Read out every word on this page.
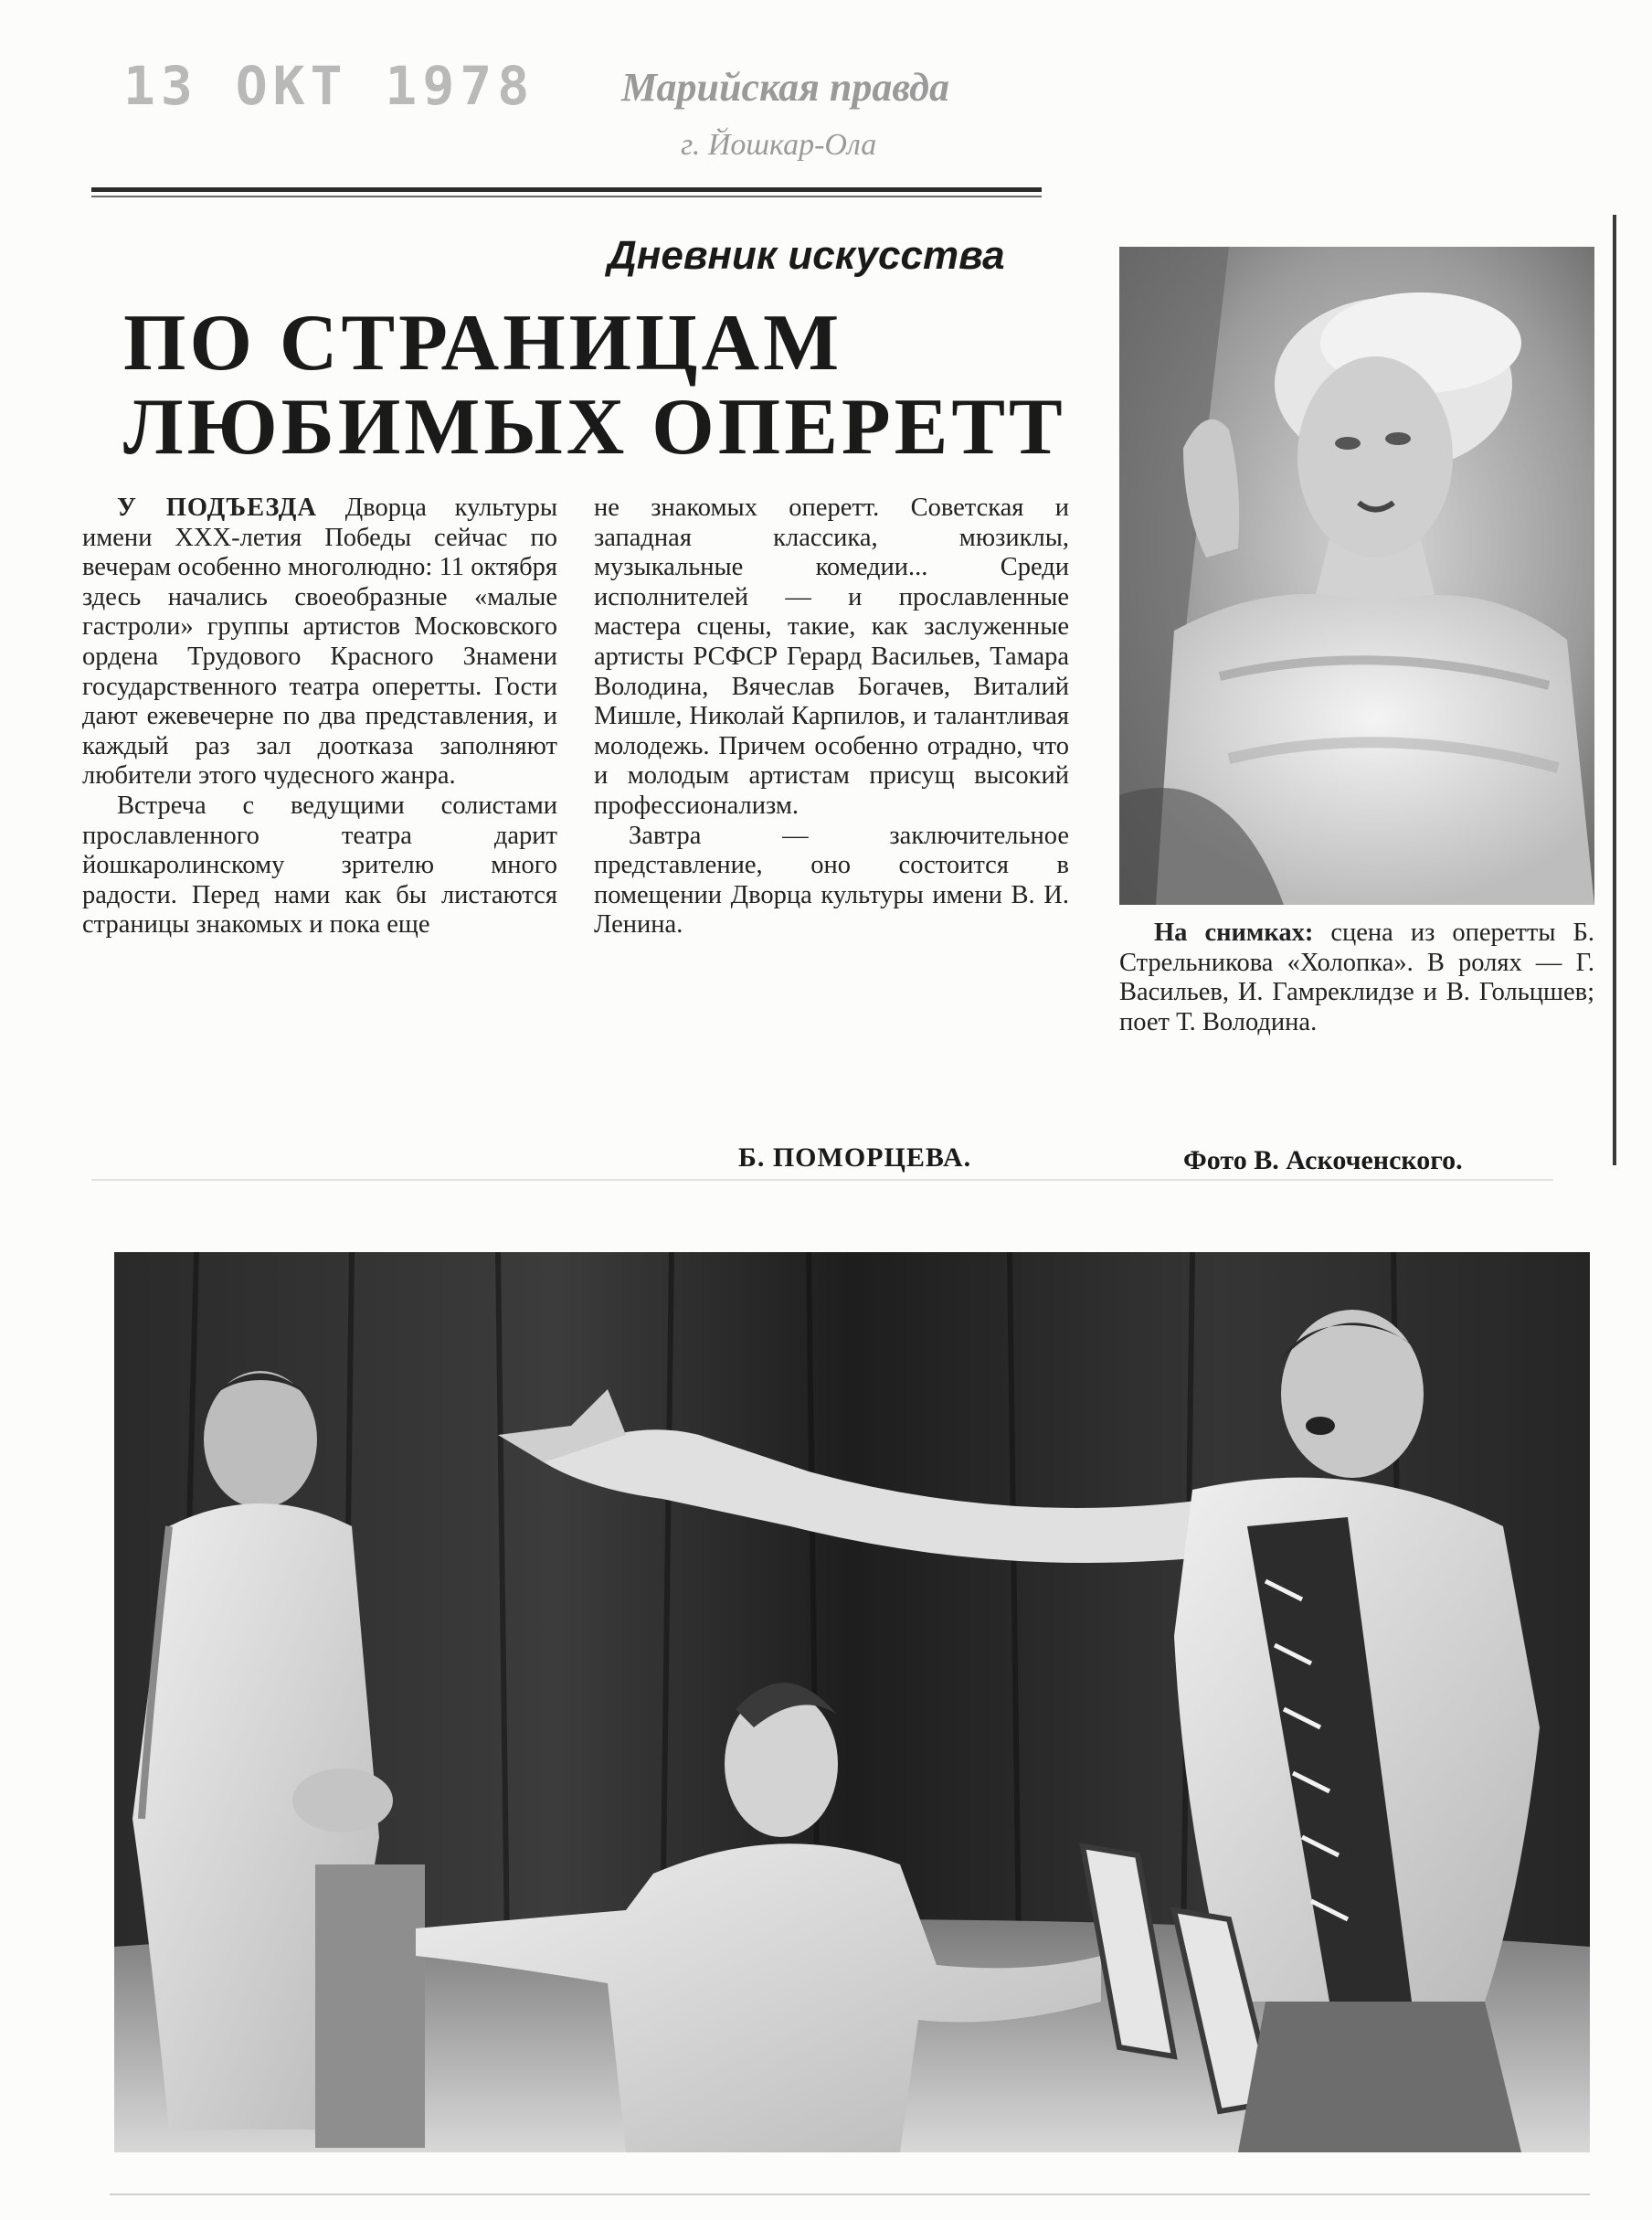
13 ОКТ 1978 Марийская правда
г. Йошкар-Ола
Дневник искусства
ПО СТРАНИЦАМ
ЛЮБИМЫХ ОПЕРЕТТ

У ПОДЪЕЗДА Дворца культуры имени XXX-летия Победы сейчас по вечерам особенно многолюдно: 11 октября здесь начались своеобразные «малые гастроли» группы артистов Московского ордена Трудового Красного Знамени государственного театра оперетты. Гости дают ежевечерне по два представления, и каждый раз зал доотказа заполняют любители этого чудесного жанра.

Встреча с ведущими солистами прославленного театра дарит йошкаролинскому зрителю много радости. Перед нами как бы листаются страницы знакомых и пока еще

не знакомых оперетт. Советская и западная классика, мюзиклы, музыкальные комедии... Среди исполнителей — и прославленные мастера сцены, такие, как заслуженные артисты РСФСР Герард Васильев, Тамара Володина, Вячеслав Богачев, Виталий Мишле, Николай Карпилов, и талантливая молодежь. Причем особенно отрадно, что и молодым артистам присущ высокий профессионализм.

Завтра — заключительное представление, оно состоится в помещении Дворца культуры имени В. И. Ленина.

Б. ПОМОРЦЕВА.

На снимках: сцена из оперетты Б. Стрельникова «Холопка». В ролях — Г. Васильев, И. Гамреклидзе и В. Гольцшев; поет Т. Володина.

Фото В. Аскоченского.
